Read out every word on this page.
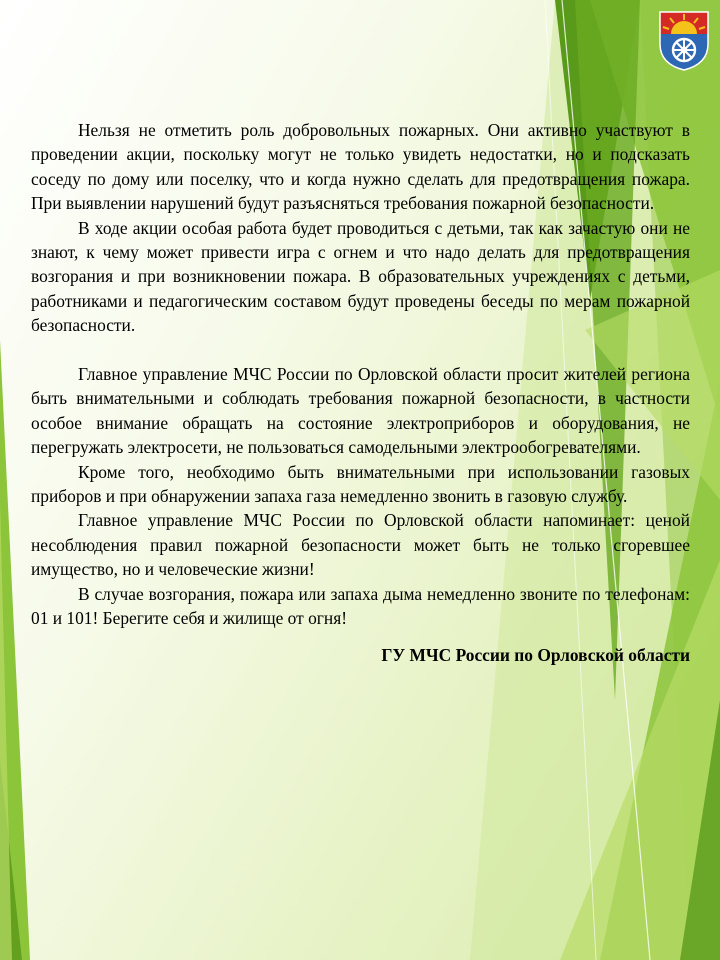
Нельзя не отметить роль добровольных пожарных. Они активно участвуют в проведении акции, поскольку могут не только увидеть недостатки, но и подсказать соседу по дому или поселку, что и когда нужно сделать для предотвращения пожара. При выявлении нарушений будут разъясняться требования пожарной безопасности.

В ходе акции особая работа будет проводиться с детьми, так как зачастую они не знают, к чему может привести игра с огнем и что надо делать для предотвращения возгорания и при возникновении пожара. В образовательных учреждениях с детьми, работниками и педагогическим составом будут проведены беседы по мерам пожарной безопасности.

Главное управление МЧС России по Орловской области просит жителей региона быть внимательными и соблюдать требования пожарной безопасности, в частности особое внимание обращать на состояние электроприборов и оборудования, не перегружать электросети, не пользоваться самодельными электрообогревателями.

Кроме того, необходимо быть внимательными при использовании газовых приборов и при обнаружении запаха газа немедленно звонить в газовую службу.

Главное управление МЧС России по Орловской области напоминает: ценой несоблюдения правил пожарной безопасности может быть не только сгоревшее имущество, но и человеческие жизни!

В случае возгорания, пожара или запаха дыма немедленно звоните по телефонам: 01 и 101! Берегите себя и жилище от огня!

ГУ МЧС России по Орловской области
